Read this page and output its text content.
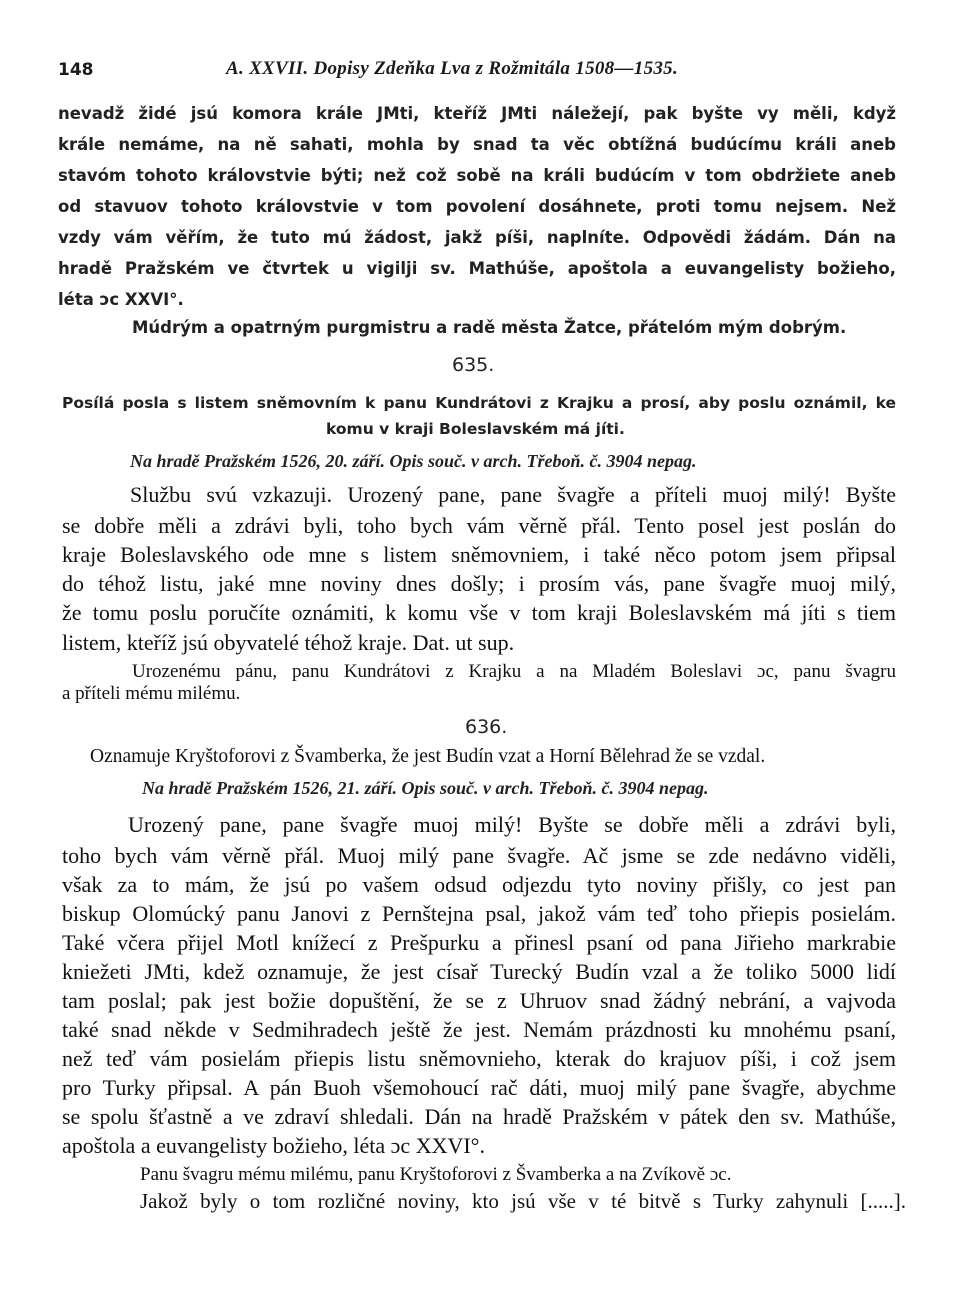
148	A. XXVII. Dopisy Zdeňka Lva z Rožmitála 1508—1535.
nevadž židé jsú komora krále JMti, kteříž JMti náležejí, pak byšte vy měli, když
krále nemáme, na ně sahati, mohla by snad ta věc obtížná budúcímu králi aneb
stavóm tohoto královstvie býti; než což sobě na králi budúcím v tom obdržiete aneb
od stavuov tohoto královstvie v tom povolení dosáhnete, proti tomu nejsem. Než
vzdy vám věřím, že tuto mú žádost, jakž píši, naplníte. Odpovědi žádám. Dán na
hradě Pražském ve čtvrtek u vigilji sv. Mathúše, apoštola a euvangelisty božieho,
léta ɔc XXVI°.
Múdrým a opatrným purgmistru a radě města Žatce, přátelóm mým dobrým.
635.
Posílá posla s listem sněmovním k panu Kundrátovi z Krajku a prosí, aby poslu oznámil, ke
komu v kraji Boleslavském má jíti.
Na hradě Pražském 1526, 20. září. Opis souč. v arch. Třeboň. č. 3904 nepag.
Službu svú vzkazuji. Urozený pane, pane švagře a příteli muoj milý! Byšte
se dobře měli a zdrávi byli, toho bych vám věrně přál. Tento posel jest poslán do
kraje Boleslavského ode mne s listem sněmovniem, i také něco potom jsem připsal
do téhož listu, jaké mne noviny dnes došly; i prosím vás, pane švagře muoj milý,
že tomu poslu poručíte oznámiti, k komu vše v tom kraji Boleslavském má jíti s tiem
listem, kteříž jsú obyvatelé téhož kraje. Dat. ut sup.
Urozenému pánu, panu Kundrátovi z Krajku a na Mladém Boleslavi ɔc, panu švagru
a příteli mému milému.
636.
Oznamuje Kryštoforovi z Švamberka, že jest Budín vzat a Horní Bělehrad že se vzdal.
Na hradě Pražském 1526, 21. září. Opis souč. v arch. Třeboň. č. 3904 nepag.
Urozený pane, pane švagře muoj milý! Byšte se dobře měli a zdrávi byli,
toho bych vám věrně přál. Muoj milý pane švagře. Ač jsme se zde nedávno viděli,
však za to mám, že jsú po vašem odsud odjezdu tyto noviny přišly, co jest pan
biskup Olomúcký panu Janovi z Pernštejna psal, jakož vám teď toho přiepis posielám.
Také včera přijel Motl knížecí z Prešpurku a přinesl psaní od pana Jiřieho markrabie
kniežeti JMti, kdež oznamuje, že jest císař Turecký Budín vzal a že toliko 5000 lidí
tam poslal; pak jest božie dopuštění, že se z Uhruov snad žádný nebrání, a vajvoda
také snad někde v Sedmihradech ještě že jest. Nemám prázdnosti ku mnohému psaní,
než teď vám posielám přiepis listu sněmovnieho, kterak do krajuov píši, i což jsem
pro Turky připsal. A pán Buoh všemohoucí rač dáti, muoj milý pane švagře, abychme
se spolu šťastně a ve zdraví shledali. Dán na hradě Pražském v pátek den sv. Mathúše,
apoštola a euvangelisty božieho, léta ɔc XXVI°.
Panu švagru mému milému, panu Kryštoforovi z Švamberka a na Zvíkově ɔc.
Jakož byly o tom rozličné noviny, kto jsú vše v té bitvě s Turky zahynuli [.....].
